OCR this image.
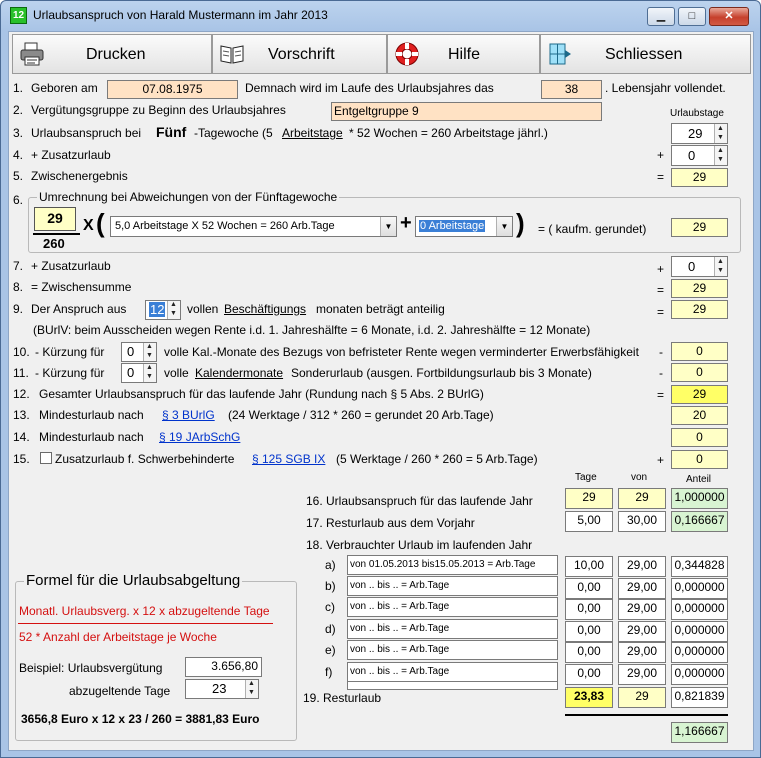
12 Urlaubsanspruch von Harald Mustermann im Jahr 2013	▁	□	✕
Drucken	Vorschrift	Hilfe	Schliessen
1. Geboren am	07.08.1975	Demnach wird im Laufe des Urlaubsjahres das	38	. Lebensjahr vollendet.
2. Vergütungsgruppe zu Beginn des Urlaubsjahres	Entgeltgruppe 9	Urlaubstage
3. Urlaubsanspruch bei Fünf -Tagewoche (5 Arbeitstage * 52 Wochen = 260 Arbeitstage jährl.)	29 ▲
▼
4. + Zusatzurlaub	+ 0	▲
▼
5. Zwischenergebnis	=	29
6. Umrechnung bei Abweichungen von der Fünftagewoche
29
260
X ( 5,0 Arbeitstage X 52 Wochen = 260 Arb.Tage	▼ + 0 Arbeitstage	▼ ) = ( kaufm. gerundet)	29
7. + Zusatzurlaub	+ 0	▲
▼
8. = Zwischensumme	=	29
9. Der Anspruch aus 12 ▲
▼ vollen Beschäftigungs monaten beträgt anteilig	=	29
(BUrlV: beim Ausscheiden wegen Rente i.d. 1. Jahreshälfte = 6 Monate, i.d. 2. Jahreshälfte = 12 Monate)
10. - Kürzung für 0 ▲
▼ volle Kal.-Monate des Bezugs von befristeter Rente wegen verminderter Erwerbsfähigkeit -	0
11. - Kürzung für 0 ▲
▼ volle Kalendermonate Sonderurlaub (ausgen. Fortbildungsurlaub bis 3 Monate)	-	0
12. Gesamter Urlaubsanspruch für das laufende Jahr (Rundung nach § 5 Abs. 2 BUrlG)	=	29
13. Mindesturlaub nach § 3 BUrlG (24 Werktage / 312 * 260 = gerundet 20 Arb.Tage)	20
14. Mindesturlaub nach § 19 JArbSchG	0
15. Zusatzurlaub f. Schwerbehinderte § 125 SGB IX (5 Werktage / 260 * 260 = 5 Arb.Tage)	+	0
Tage	von	Anteil
16. Urlaubsanspruch für das laufende Jahr	29	29	1,000000
17. Resturlaub aus dem Vorjahr	5,00	30,00	0,166667
18. Verbrauchter Urlaub im laufenden Jahr
a)	von 01.05.2013 bis15.05.2013 = Arb.Tage	10,00	29,00	0,344828
b)	von .. bis .. = Arb.Tage	0,00	29,00	0,000000
c)	von .. bis .. = Arb.Tage	0,00	29,00	0,000000
d)	von .. bis .. = Arb.Tage	0,00	29,00	0,000000
e)	von .. bis .. = Arb.Tage	0,00	29,00	0,000000
f)	von .. bis .. = Arb.Tage	0,00	29,00	0,000000
19. Resturlaub	23,83	29	0,821839
1,166667
Formel für die Urlaubsabgeltung
Monatl. Urlaubsverg. x 12 x abzugeltende Tage
52 * Anzahl der Arbeitstage je Woche
Beispiel: Urlaubsvergütung	3.656,80
abzugeltende Tage	23	▲
▼
3656,8 Euro x 12 x 23 / 260 = 3881,83 Euro
